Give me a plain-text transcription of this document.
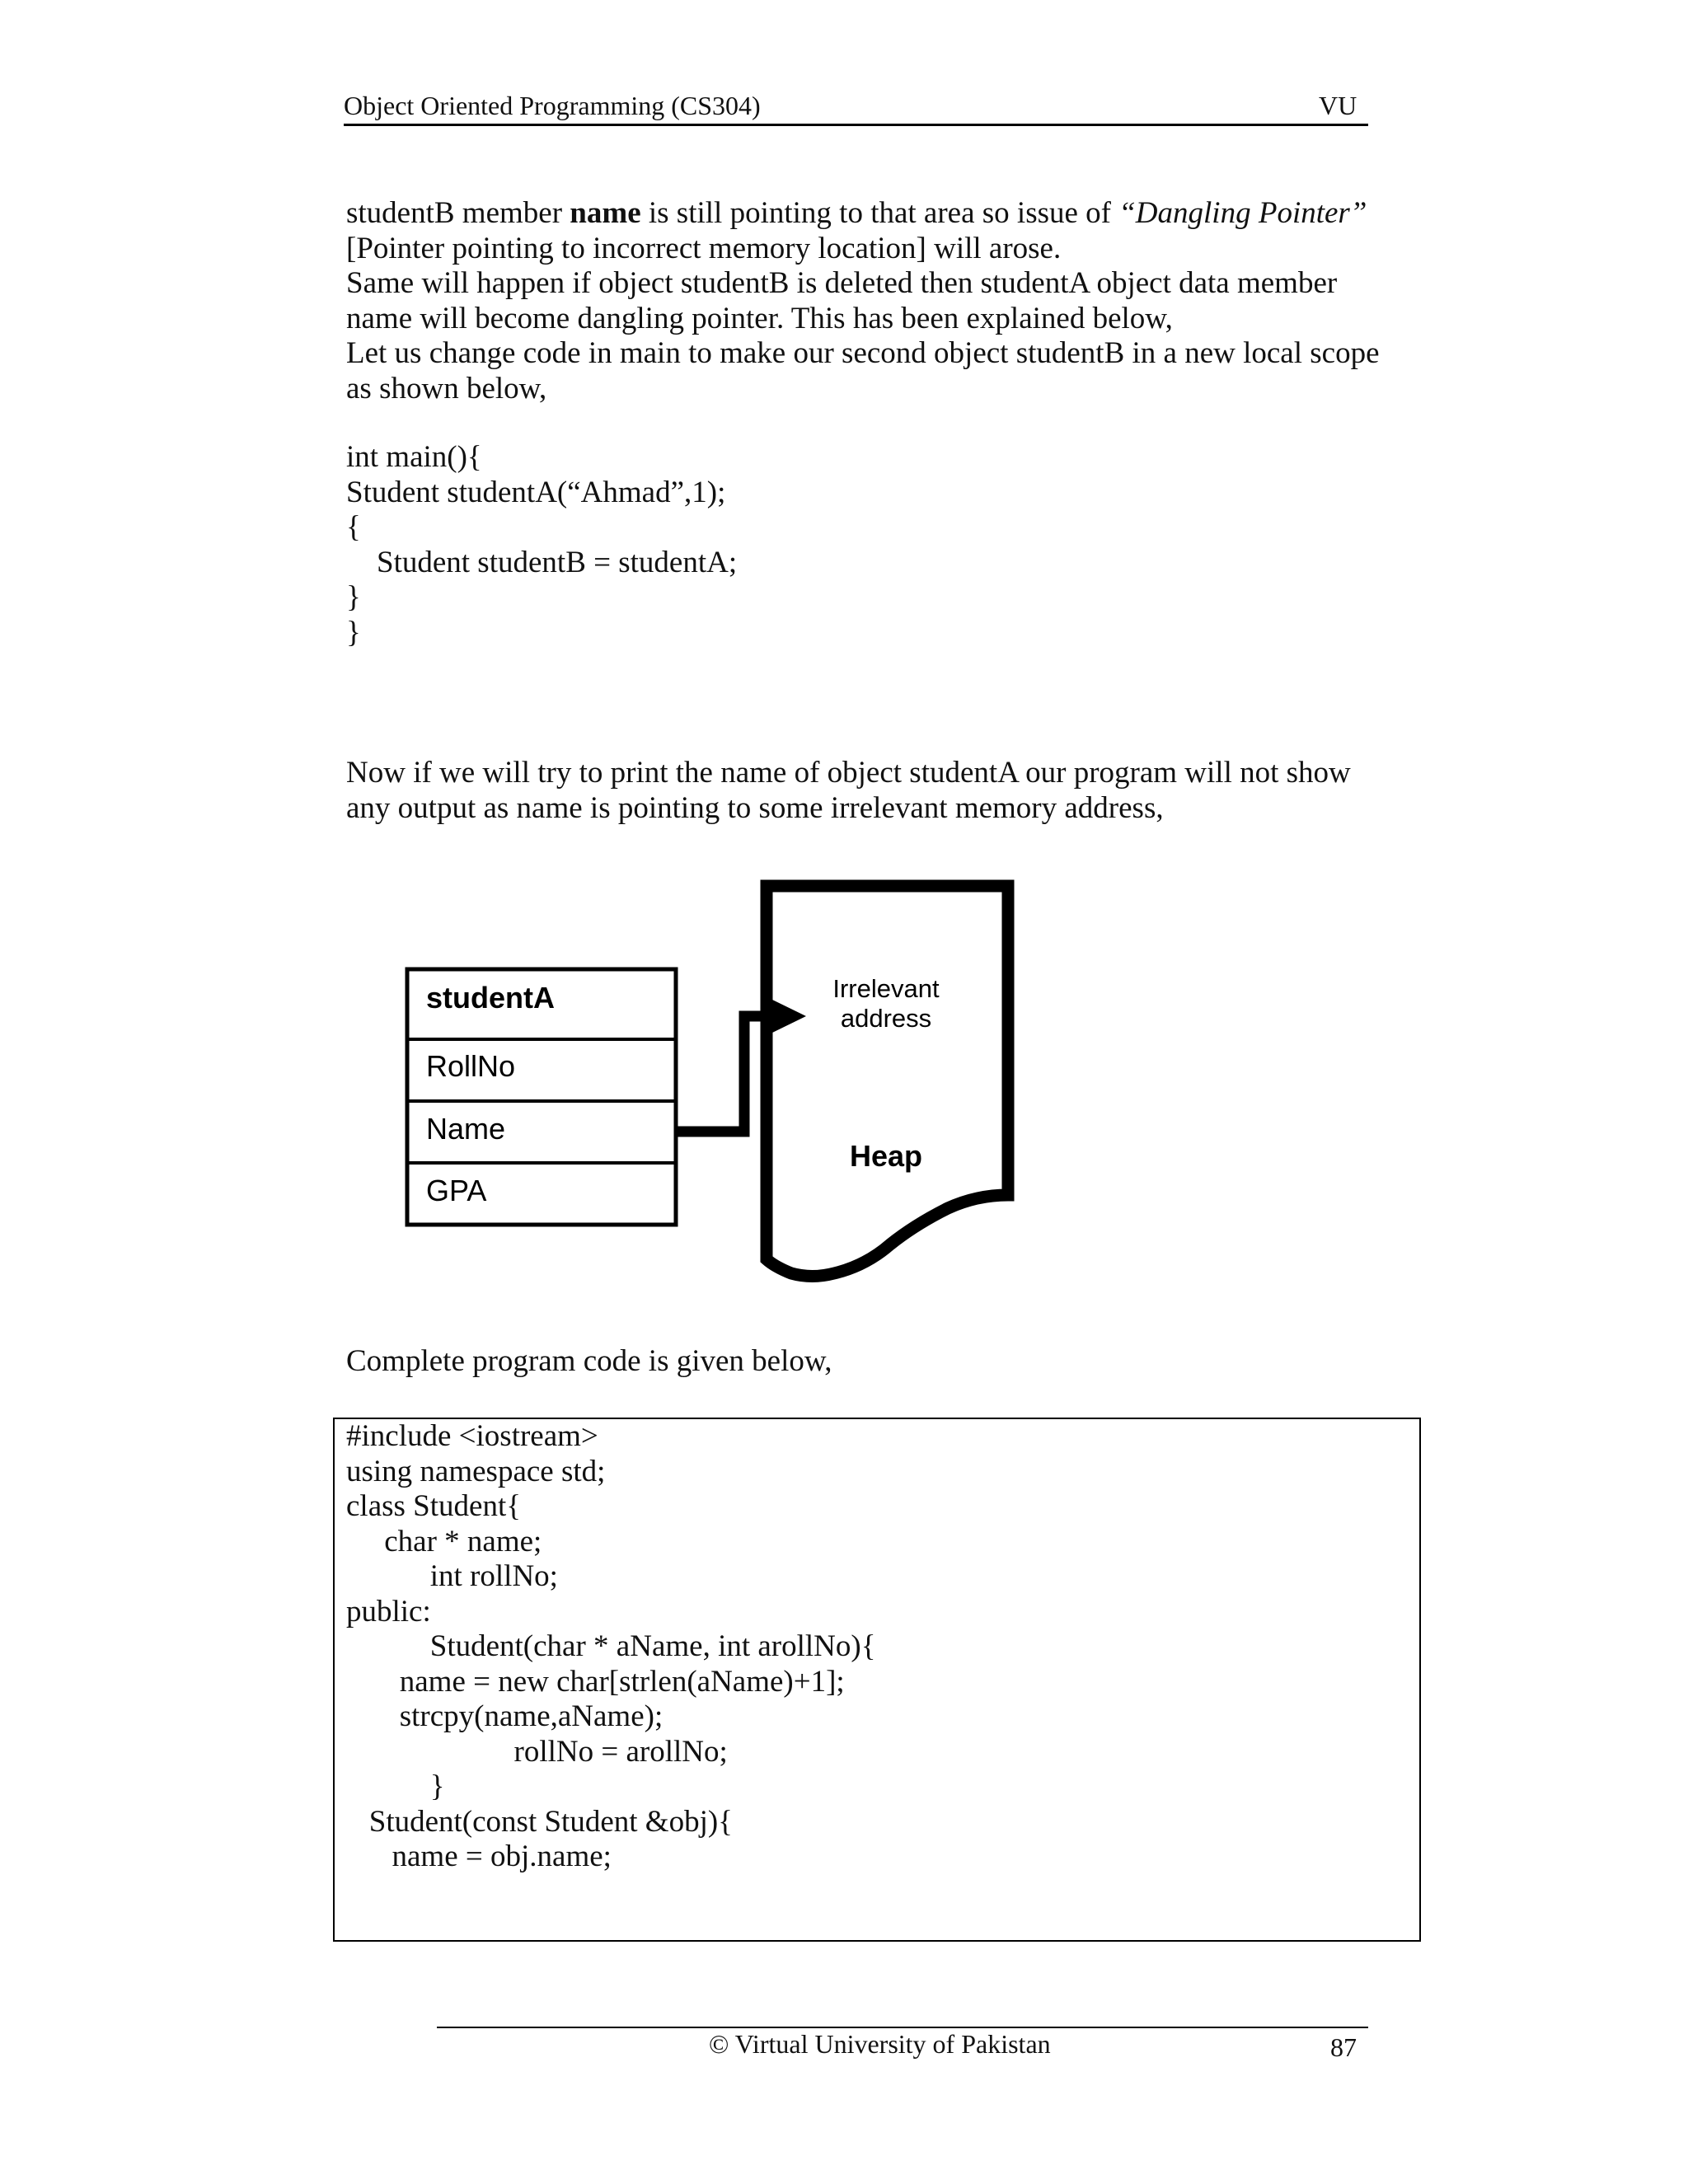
Object Oriented Programming (CS304)	VU
studentB member name is still pointing to that area so issue of “Dangling Pointer”
[Pointer pointing to incorrect memory location] will arose.
Same will happen if object studentB is deleted then studentA object data member
name will become dangling pointer. This has been explained below,
Let us change code in main to make our second object studentB in a new local scope
as shown below,
int main(){
Student studentA(“Ahmad”,1);
{
Student studentB = studentA;
}
}
Now if we will try to print the name of object studentA our program will not show
any output as name is pointing to some irrelevant memory address,
studentA
RollNo
Name
GPA
Irrelevant
address
Heap
Complete program code is given below,
#include <iostream>
using namespace std;
class Student{
char * name;
int rollNo;
public:
Student(char * aName, int arollNo){
name = new char[strlen(aName)+1];
strcpy(name,aName);
rollNo = arollNo;
}
Student(const Student &obj){
name = obj.name;
© Virtual University of Pakistan	87
